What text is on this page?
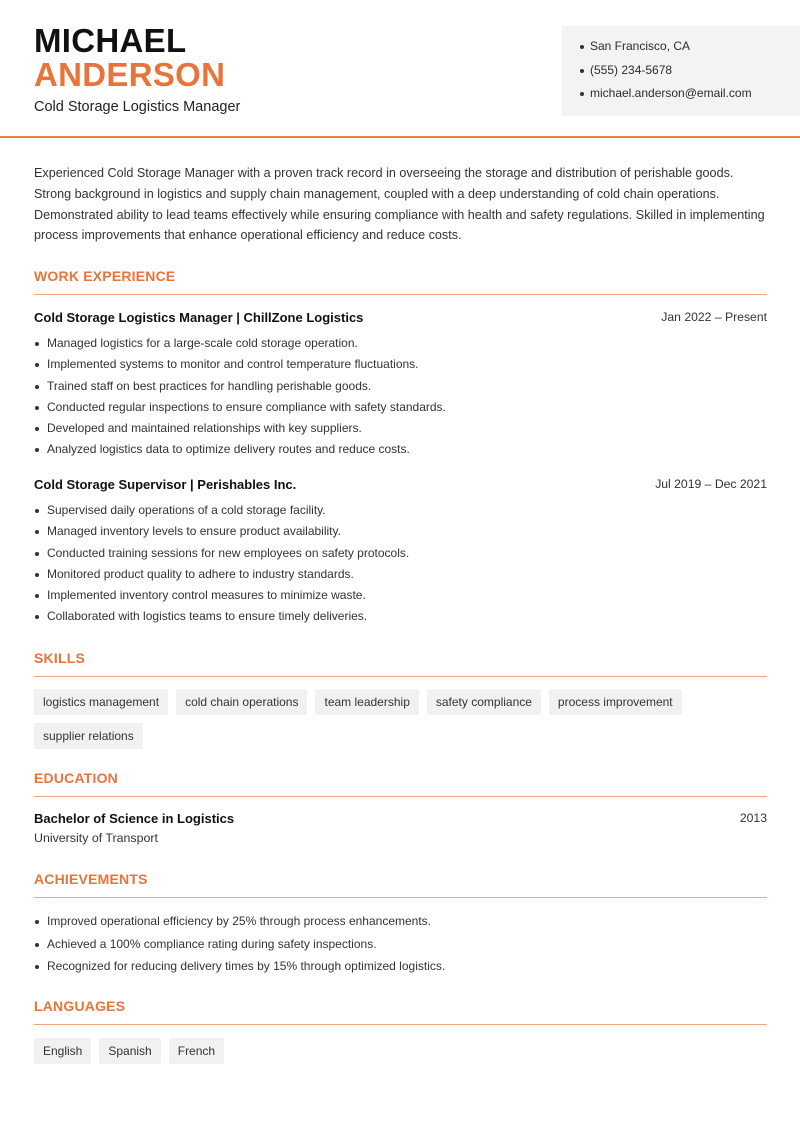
MICHAEL
ANDERSON
Cold Storage Logistics Manager
San Francisco, CA
(555) 234-5678
michael.anderson@email.com
Experienced Cold Storage Manager with a proven track record in overseeing the storage and distribution of perishable goods. Strong background in logistics and supply chain management, coupled with a deep understanding of cold chain operations. Demonstrated ability to lead teams effectively while ensuring compliance with health and safety regulations. Skilled in implementing process improvements that enhance operational efficiency and reduce costs.
WORK EXPERIENCE
Cold Storage Logistics Manager | ChillZone Logistics	Jan 2022 – Present
Managed logistics for a large-scale cold storage operation.
Implemented systems to monitor and control temperature fluctuations.
Trained staff on best practices for handling perishable goods.
Conducted regular inspections to ensure compliance with safety standards.
Developed and maintained relationships with key suppliers.
Analyzed logistics data to optimize delivery routes and reduce costs.
Cold Storage Supervisor | Perishables Inc.	Jul 2019 – Dec 2021
Supervised daily operations of a cold storage facility.
Managed inventory levels to ensure product availability.
Conducted training sessions for new employees on safety protocols.
Monitored product quality to adhere to industry standards.
Implemented inventory control measures to minimize waste.
Collaborated with logistics teams to ensure timely deliveries.
SKILLS
logistics management	cold chain operations	team leadership	safety compliance	process improvement
supplier relations
EDUCATION
Bachelor of Science in Logistics
University of Transport
2013
ACHIEVEMENTS
Improved operational efficiency by 25% through process enhancements.
Achieved a 100% compliance rating during safety inspections.
Recognized for reducing delivery times by 15% through optimized logistics.
LANGUAGES
English	Spanish	French
